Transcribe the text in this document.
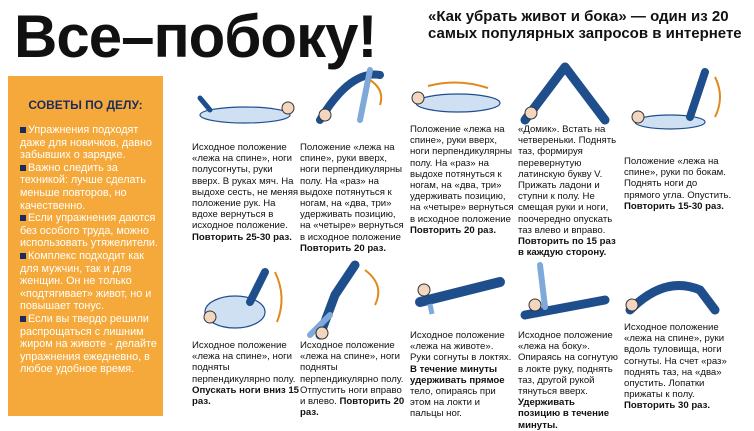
Все–побоку!	«Как убрать живот и бока» — один из 20 самых популярных запросов в интернете
СОВЕТЫ ПО ДЕЛУ:

Упражнения подходят даже для новичков, давно забывших о зарядке.

Важно следить за техникой: лучше сделать меньше повторов, но качественно.

Если упражнения даются без особого труда, можно использовать утяжелители.

Комплекс подходит как для мужчин, так и для женщин. Он не только «подтягивает» живот, но и повышает тонус.

Если вы твердо решили распрощаться с лишним жиром на животе - делайте упражнения ежедневно, в любое удобное время.

Исходное положение «лежа на спине», ноги полусогнуты, руки вверх. В руках мяч. На выдохе сесть, не меняя положение рук. На вдохе вернуться в исходное положение. Повторить 25-30 раз.
Положение «лежа на спине», руки вверх, ноги перпендикулярны полу. На «раз» на выдохе потянуться к ногам, на «два, три» удерживать позицию, на «четыре» вернуться в исходное положение Повторить 20 раз.
Положение «лежа на спине», руки вверх, ноги перпендикулярны полу. На «раз» на выдохе потянуться к ногам, на «два, три» удерживать позицию, на «четыре» вернуться в исходное положение Повторить 20 раз.
«Домик». Встать на четвереньки. Поднять таз, формируя перевернутую латинскую букву V. Прижать ладони и ступни к полу. Не смещая руки и ноги, поочередно опускать таз влево и вправо. Повторить по 15 раз в каждую сторону.
Положение «лежа на спине», руки по бокам. Поднять ноги до прямого угла. Опустить. Повторить 15-30 раз.
Исходное положение «лежа на спине», ноги подняты перпендикулярно полу. Опускать ноги вниз 15 раз.
Исходное положение «лежа на спине», ноги подняты перпендикулярно полу. Отпустить ноги вправо и влево. Повторить 20 раз.
Исходное положение «лежа на животе». Руки согнуты в локтях. В течение минуты удерживать прямое тело, опираясь при этом на локти и пальцы ног.
Исходное положение «лежа на боку». Опираясь на согнутую в локте руку, поднять таз, другой рукой тянуться вверх. Удерживать позицию в течение минуты.
Исходное положение «лежа на спине», руки вдоль туловища, ноги согнуты. На счет «раз» поднять таз, на «два» опустить. Лопатки прижаты к полу. Повторить 30 раз.
